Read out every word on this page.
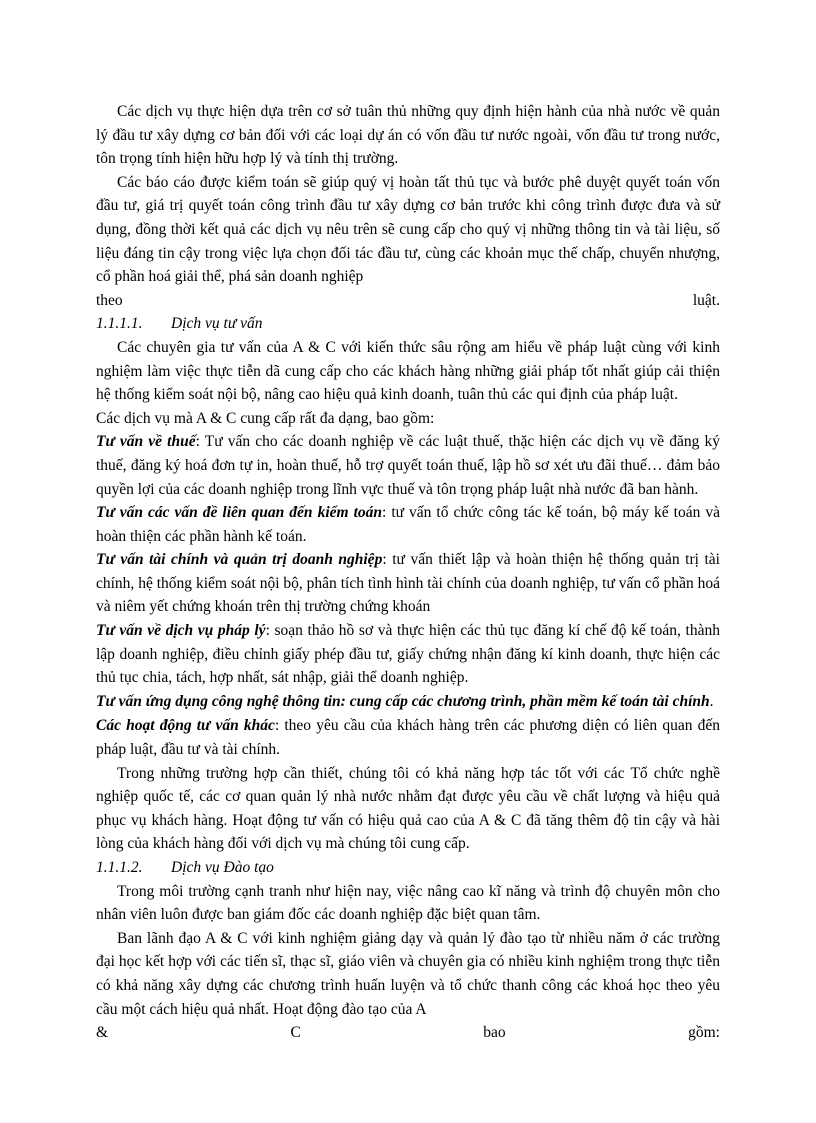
Các dịch vụ thực hiện dựa trên cơ sở tuân thủ những quy định hiện hành của nhà nước về quản lý đầu tư xây dựng cơ bản đối với các loại dự án có vốn đầu tư nước ngoài, vốn đầu tư trong nước, tôn trọng tính hiện hữu hợp lý và tính thị trường.

Các báo cáo được kiểm toán sẽ giúp quý vị hoàn tất thủ tục và bước phê duyệt quyết toán vốn đầu tư, giá trị quyết toán công trình đầu tư xây dựng cơ bản trước khi công trình được đưa và sử dụng, đồng thời kết quả các dịch vụ nêu trên sẽ cung cấp cho quý vị những thông tin và tài liệu, số liệu đáng tin cậy trong việc lựa chọn đối tác đầu tư, cùng các khoản mục thế chấp, chuyển nhượng, cổ phần hoá giải thể, phá sản doanh nghiệp

theo	luật.

1.1.1.1. Dịch vụ tư vấn

Các chuyên gia tư vấn của A & C với kiến thức sâu rộng am hiểu về pháp luật cùng với kinh nghiệm làm việc thực tiễn dã cung cấp cho các khách hàng những giải pháp tốt nhất giúp cải thiện hệ thống kiểm soát nội bộ, nâng cao hiệu quả kinh doanh, tuân thủ các qui định của pháp luật.

Các dịch vụ mà A & C cung cấp rất đa dạng, bao gồm:

Tư vấn về thuế: Tư vấn cho các doanh nghiệp về các luật thuế, thặc hiện các dịch vụ về đăng ký thuế, đăng ký hoá đơn tự in, hoàn thuế, hỗ trợ quyết toán thuế, lập hồ sơ xét ưu đãi thuế… đảm bảo quyền lợi của các doanh nghiệp trong lĩnh vực thuế và tôn trọng pháp luật nhà nước đã ban hành.

Tư vấn các vấn đề liên quan đến kiểm toán: tư vấn tổ chức công tác kế toán, bộ máy kế toán và hoàn thiện các phần hành kế toán.

Tư vấn tài chính và quản trị doanh nghiệp: tư vấn thiết lập và hoàn thiện hệ thống quản trị tài chính, hệ thống kiểm soát nội bộ, phân tích tình hình tài chính của doanh nghiệp, tư vấn cổ phần hoá và niêm yết chứng khoán trên thị trường chứng khoán

Tư vấn về dịch vụ pháp lý: soạn thảo hồ sơ và thực hiện các thủ tục đăng kí chế độ kế toán, thành lập doanh nghiệp, điều chỉnh giấy phép đầu tư, giấy chứng nhận đăng kí kinh doanh, thực hiện các thủ tục chia, tách, hợp nhất, sát nhập, giải thể doanh nghiệp.

Tư vấn ứng dụng công nghệ thông tin: cung cấp các chương trình, phần mềm kế toán tài chính.

Các hoạt động tư vấn khác: theo yêu cầu của khách hàng trên các phương diện có liên quan đến pháp luật, đầu tư và tài chính.

Trong những trường hợp cần thiết, chúng tôi có khả năng hợp tác tốt với các Tổ chức nghề nghiệp quốc tế, các cơ quan quản lý nhà nước nhằm đạt được yêu cầu về chất lượng và hiệu quả phục vụ khách hàng. Hoạt động tư vấn có hiệu quả cao của A & C đã tăng thêm độ tin cậy và hài lòng của khách hàng đối với dịch vụ mà chúng tôi cung cấp.

1.1.1.2. Dịch vụ Đào tạo

Trong môi trường cạnh tranh như hiện nay, việc nâng cao kĩ năng và trình độ chuyên môn cho nhân viên luôn được ban giám đốc các doanh nghiệp đặc biệt quan tâm.

Ban lãnh đạo A & C với kinh nghiệm giảng dạy và quản lý đào tạo từ nhiều năm ở các trường đại học kết hợp với các tiến sĩ, thạc sĩ, giáo viên và chuyên gia có nhiều kinh nghiệm trong thực tiễn có khả năng xây dựng các chương trình huấn luyện và tổ chức thanh công các khoá học theo yêu cầu một cách hiệu quả nhất. Hoạt động đào tạo của A

&	C	bao	gồm:
